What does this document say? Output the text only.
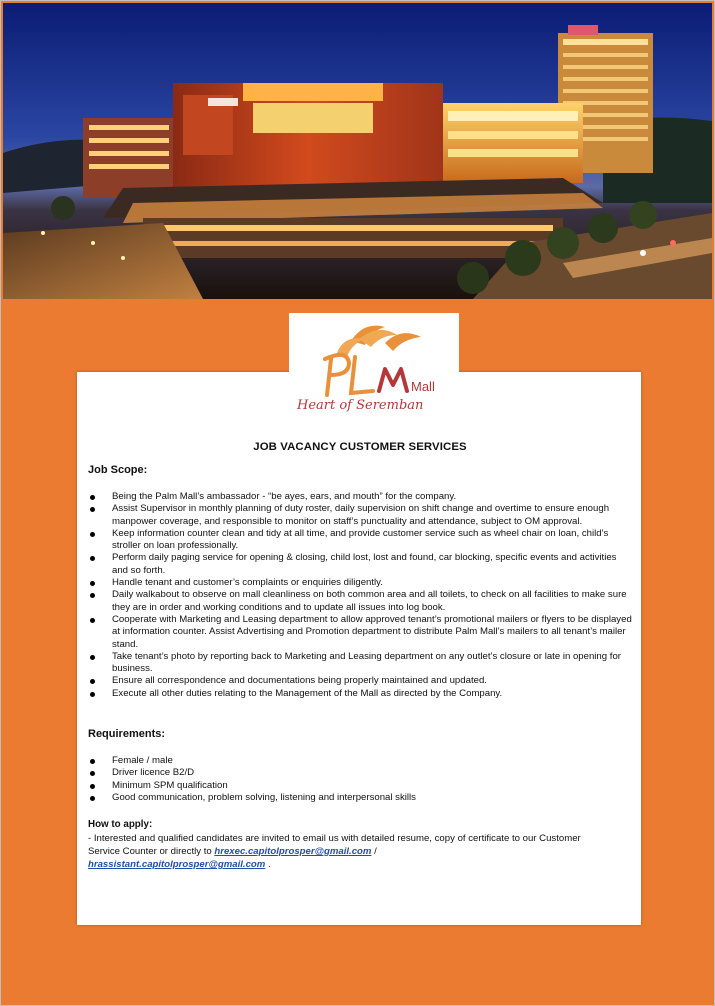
Mall
Heart of Seremban
JOB VACANCY CUSTOMER SERVICES
Job Scope:
Being the Palm Mall’s ambassador - “be ayes, ears, and mouth” for the company.
Assist Supervisor in monthly planning of duty roster, daily supervision on shift change and overtime to ensure enough manpower coverage, and responsible to monitor on staff’s punctuality and attendance, subject to OM approval.
Keep information counter clean and tidy at all time, and provide customer service such as wheel chair on loan, child’s stroller on loan professionally.
Perform daily paging service for opening & closing, child lost, lost and found, car blocking, specific events and activities and so forth.
Handle tenant and customer’s complaints or enquiries diligently.
Daily walkabout to observe on mall cleanliness on both common area and all toilets, to check on all facilities to make sure they are in order and working conditions and to update all issues into log book.
Cooperate with Marketing and Leasing department to allow approved tenant’s promotional mailers or flyers to be displayed at information counter. Assist Advertising and Promotion department to distribute Palm Mall’s mailers to all tenant’s mailer stand.
Take tenant’s photo by reporting back to Marketing and Leasing department on any outlet’s closure or late in opening for business.
Ensure all correspondence and documentations being properly maintained and updated.
Execute all other duties relating to the Management of the Mall as directed by the Company.
Requirements:
Female / male
Driver licence B2/D
Minimum SPM qualification
Good communication, problem solving, listening and interpersonal skills
How to apply:
- Interested and qualified candidates are invited to email us with detailed resume, copy of certificate to our Customer Service Counter or directly to hrexec.capitolprosper@gmail.com /
hrassistant.capitolprosper@gmail.com .
